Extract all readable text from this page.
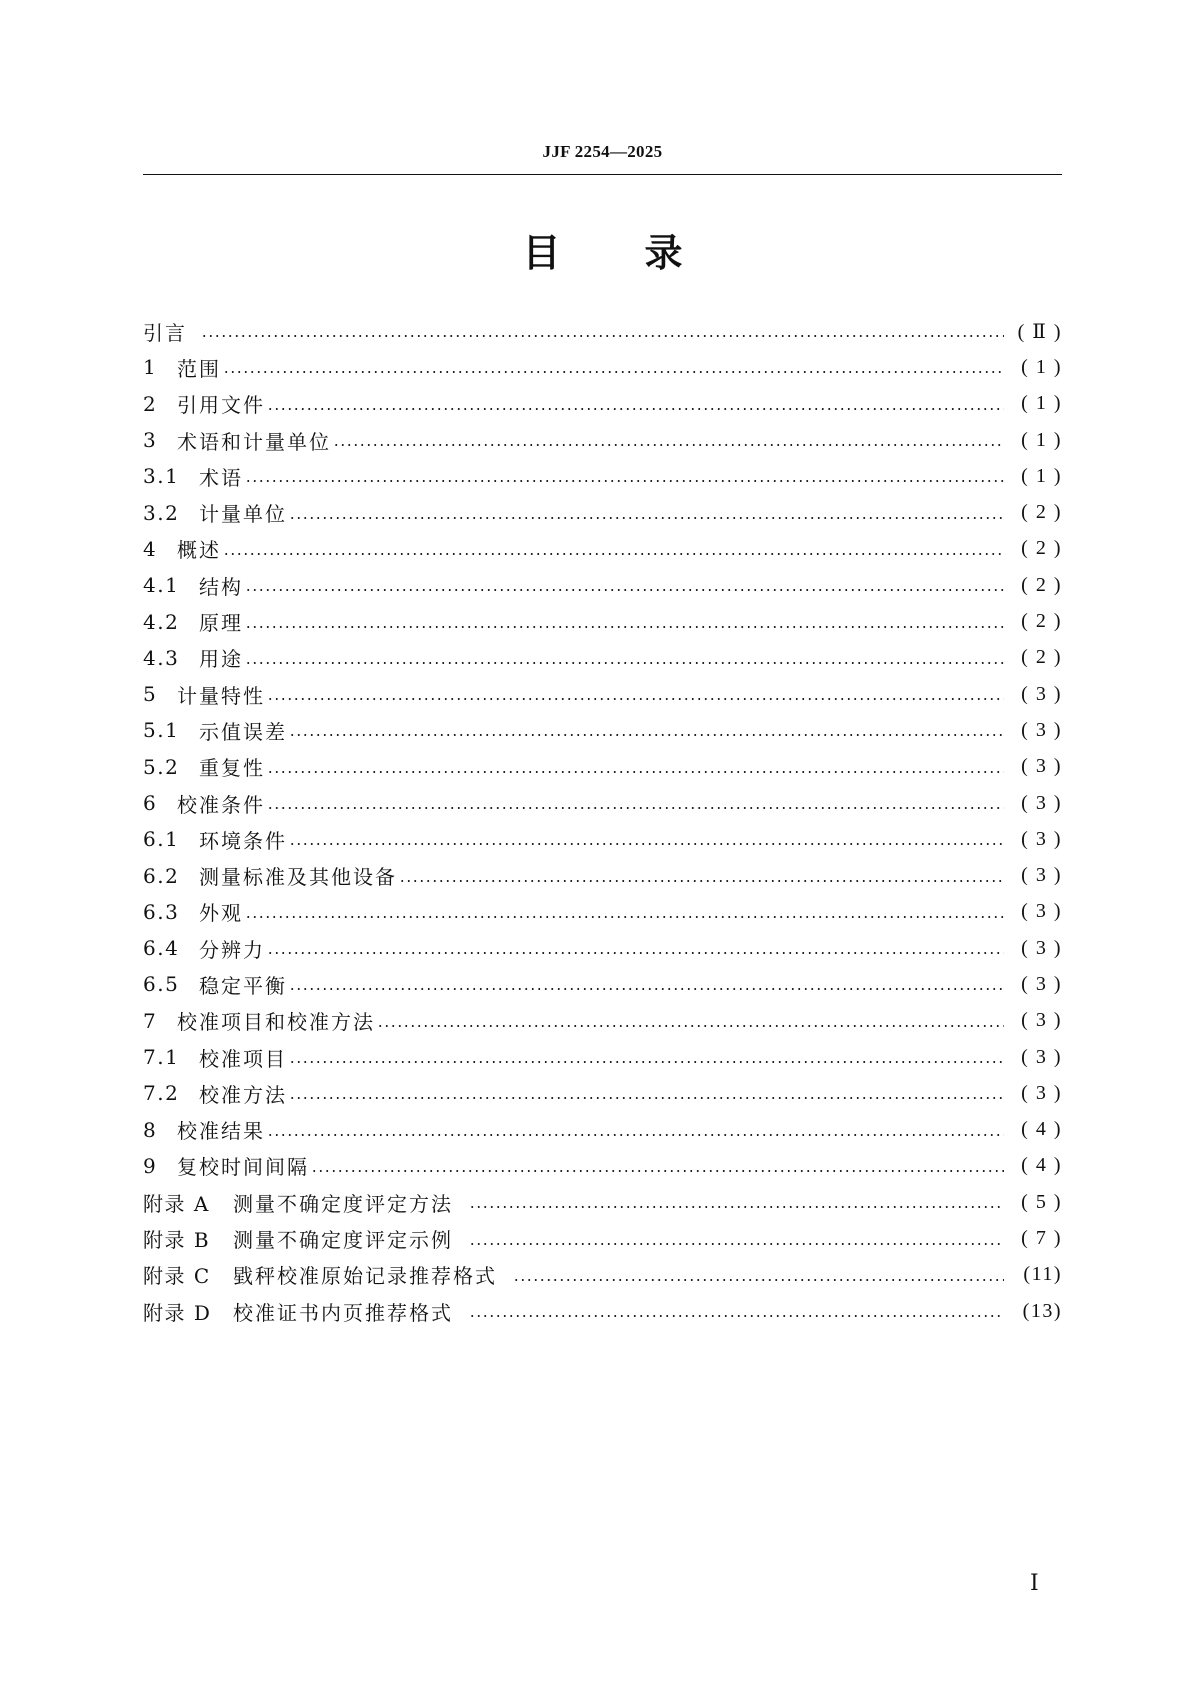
JJF 2254—2025
目 录
引言	( Ⅱ )
1 范围	( 1 )
2 引用文件	( 1 )
3 术语和计量单位	( 1 )
3.1 术语	( 1 )
3.2 计量单位	( 2 )
4 概述	( 2 )
4.1 结构	( 2 )
4.2 原理	( 2 )
4.3 用途	( 2 )
5 计量特性	( 3 )
5.1 示值误差	( 3 )
5.2 重复性	( 3 )
6 校准条件	( 3 )
6.1 环境条件	( 3 )
6.2 测量标准及其他设备	( 3 )
6.3 外观	( 3 )
6.4 分辨力	( 3 )
6.5 稳定平衡	( 3 )
7 校准项目和校准方法	( 3 )
7.1 校准项目	( 3 )
7.2 校准方法	( 3 )
8 校准结果	( 4 )
9 复校时间间隔	( 4 )
附录 A	测量不确定度评定方法	( 5 )
附录 B	测量不确定度评定示例	( 7 )
附录 C	戥秤校准原始记录推荐格式	(11)
附录 D	校准证书内页推荐格式	(13)
Ⅰ
